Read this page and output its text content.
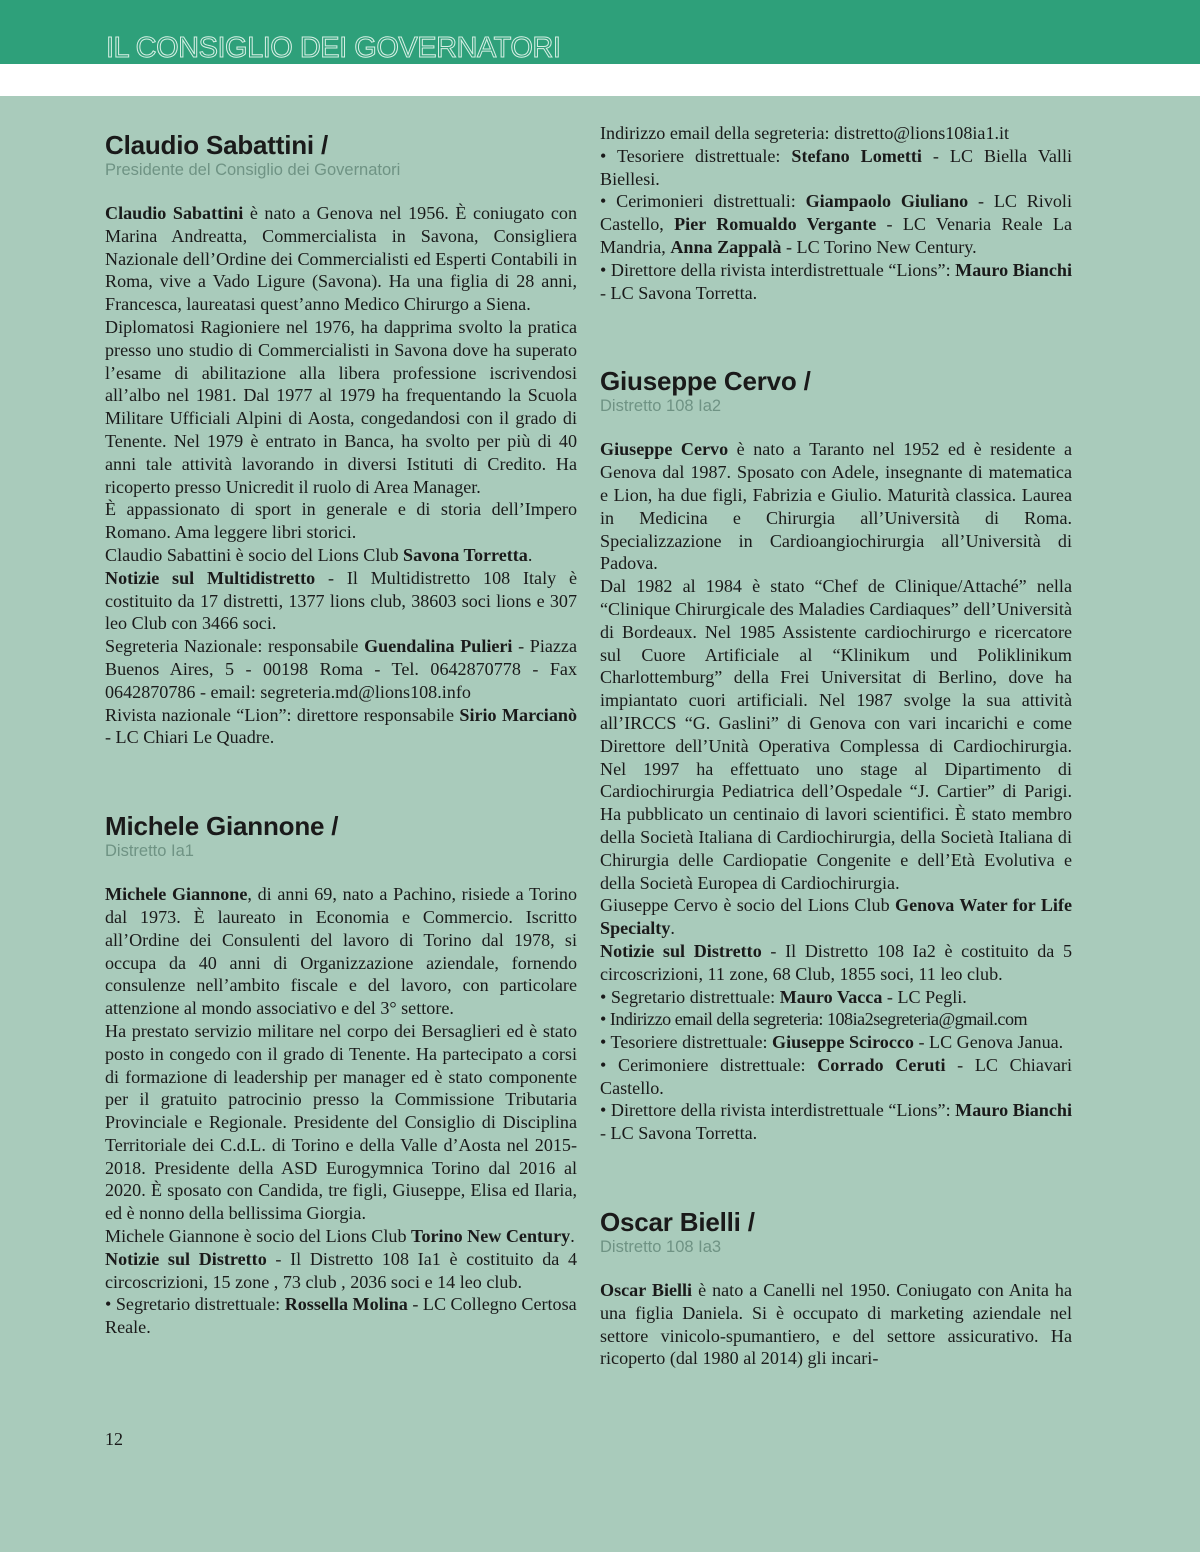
IL CONSIGLIO DEI GOVERNATORI
Claudio Sabattini /
Presidente del Consiglio dei Governatori

Claudio Sabattini è nato a Genova nel 1956. È coniugato con Marina Andreatta, Commercialista in Savona, Consigliera Nazionale dell’Ordine dei Commercialisti ed Esperti Contabili in Roma, vive a Vado Ligure (Savona). Ha una figlia di 28 anni, Francesca, laureatasi quest’anno Medico Chirurgo a Siena.

Diplomatosi Ragioniere nel 1976, ha dapprima svolto la pratica presso uno studio di Commercialisti in Savona dove ha superato l’esame di abilitazione alla libera professione iscrivendosi all’albo nel 1981. Dal 1977 al 1979 ha frequentando la Scuola Militare Ufficiali Alpini di Aosta, congedandosi con il grado di Tenente. Nel 1979 è entrato in Banca, ha svolto per più di 40 anni tale attività lavorando in diversi Istituti di Credito. Ha ricoperto presso Unicredit il ruolo di Area Manager.

È appassionato di sport in generale e di storia dell’Impero Romano. Ama leggere libri storici.

Claudio Sabattini è socio del Lions Club Savona Torretta.

Notizie sul Multidistretto - Il Multidistretto 108 Italy è costituito da 17 distretti, 1377 lions club, 38603 soci lions e 307 leo Club con 3466 soci.

Segreteria Nazionale: responsabile Guendalina Pulieri - Piazza Buenos Aires, 5 - 00198 Roma - Tel. 0642870778 - Fax 0642870786 - email: segreteria.md@lions108.info

Rivista nazionale “Lion”: direttore responsabile Sirio Marcianò - LC Chiari Le Quadre.

Michele Giannone /
Distretto Ia1

Michele Giannone, di anni 69, nato a Pachino, risiede a Torino dal 1973. È laureato in Economia e Commercio. Iscritto all’Ordine dei Consulenti del lavoro di Torino dal 1978, si occupa da 40 anni di Organizzazione aziendale, fornendo consulenze nell’ambito fiscale e del lavoro, con particolare attenzione al mondo associativo e del 3° settore.

Ha prestato servizio militare nel corpo dei Bersaglieri ed è stato posto in congedo con il grado di Tenente. Ha partecipato a corsi di formazione di leadership per manager ed è stato componente per il gratuito patrocinio presso la Commissione Tributaria Provinciale e Regionale. Presidente del Consiglio di Disciplina Territoriale dei C.d.L. di Torino e della Valle d’Aosta nel 2015-2018. Presidente della ASD Eurogymnica Torino dal 2016 al 2020. È sposato con Candida, tre figli, Giuseppe, Elisa ed Ilaria, ed è nonno della bellissima Giorgia.

Michele Giannone è socio del Lions Club Torino New Century.

Notizie sul Distretto - Il Distretto 108 Ia1 è costituito da 4 circoscrizioni, 15 zone , 73 club , 2036 soci e 14 leo club.

• Segretario distrettuale: Rossella Molina - LC Collegno Certosa Reale.

Indirizzo email della segreteria: distretto@lions108ia1.it

• Tesoriere distrettuale: Stefano Lometti - LC Biella Valli Biellesi.

• Cerimonieri distrettuali: Giampaolo Giuliano - LC Rivoli Castello, Pier Romualdo Vergante - LC Venaria Reale La Mandria, Anna Zappalà - LC Torino New Century.

• Direttore della rivista interdistrettuale “Lions”: Mauro Bianchi - LC Savona Torretta.

Giuseppe Cervo /
Distretto 108 Ia2

Giuseppe Cervo è nato a Taranto nel 1952 ed è residente a Genova dal 1987. Sposato con Adele, insegnante di matematica e Lion, ha due figli, Fabrizia e Giulio. Maturità classica. Laurea in Medicina e Chirurgia all’Università di Roma. Specializzazione in Cardioangiochirurgia all’Università di Padova.

Dal 1982 al 1984 è stato “Chef de Clinique/Attaché” nella “Clinique Chirurgicale des Maladies Cardiaques” dell’Università di Bordeaux. Nel 1985 Assistente cardiochirurgo e ricercatore sul Cuore Artificiale al “Klinikum und Poliklinikum Charlottemburg” della Frei Universitat di Berlino, dove ha impiantato cuori artificiali. Nel 1987 svolge la sua attività all’IRCCS “G. Gaslini” di Genova con vari incarichi e come Direttore dell’Unità Operativa Complessa di Cardiochirurgia. Nel 1997 ha effettuato uno stage al Dipartimento di Cardiochirurgia Pediatrica dell’Ospedale “J. Cartier” di Parigi. Ha pubblicato un centinaio di lavori scientifici. È stato membro della Società Italiana di Cardiochirurgia, della Società Italiana di Chirurgia delle Cardiopatie Congenite e dell’Età Evolutiva e della Società Europea di Cardiochirurgia.

Giuseppe Cervo è socio del Lions Club Genova Water for Life Specialty.

Notizie sul Distretto - Il Distretto 108 Ia2 è costituito da 5 circoscrizioni, 11 zone, 68 Club, 1855 soci, 11 leo club.

• Segretario distrettuale: Mauro Vacca - LC Pegli.

• Indirizzo email della segreteria: 108ia2segreteria@gmail.com

• Tesoriere distrettuale: Giuseppe Scirocco - LC Genova Janua.

• Cerimoniere distrettuale: Corrado Ceruti - LC Chiavari Castello.

• Direttore della rivista interdistrettuale “Lions”: Mauro Bianchi - LC Savona Torretta.

Oscar Bielli /
Distretto 108 Ia3

Oscar Bielli è nato a Canelli nel 1950. Coniugato con Anita ha una figlia Daniela. Si è occupato di marketing aziendale nel settore vinicolo-spumantiero, e del settore assicurativo. Ha ricoperto (dal 1980 al 2014) gli incari-

12
